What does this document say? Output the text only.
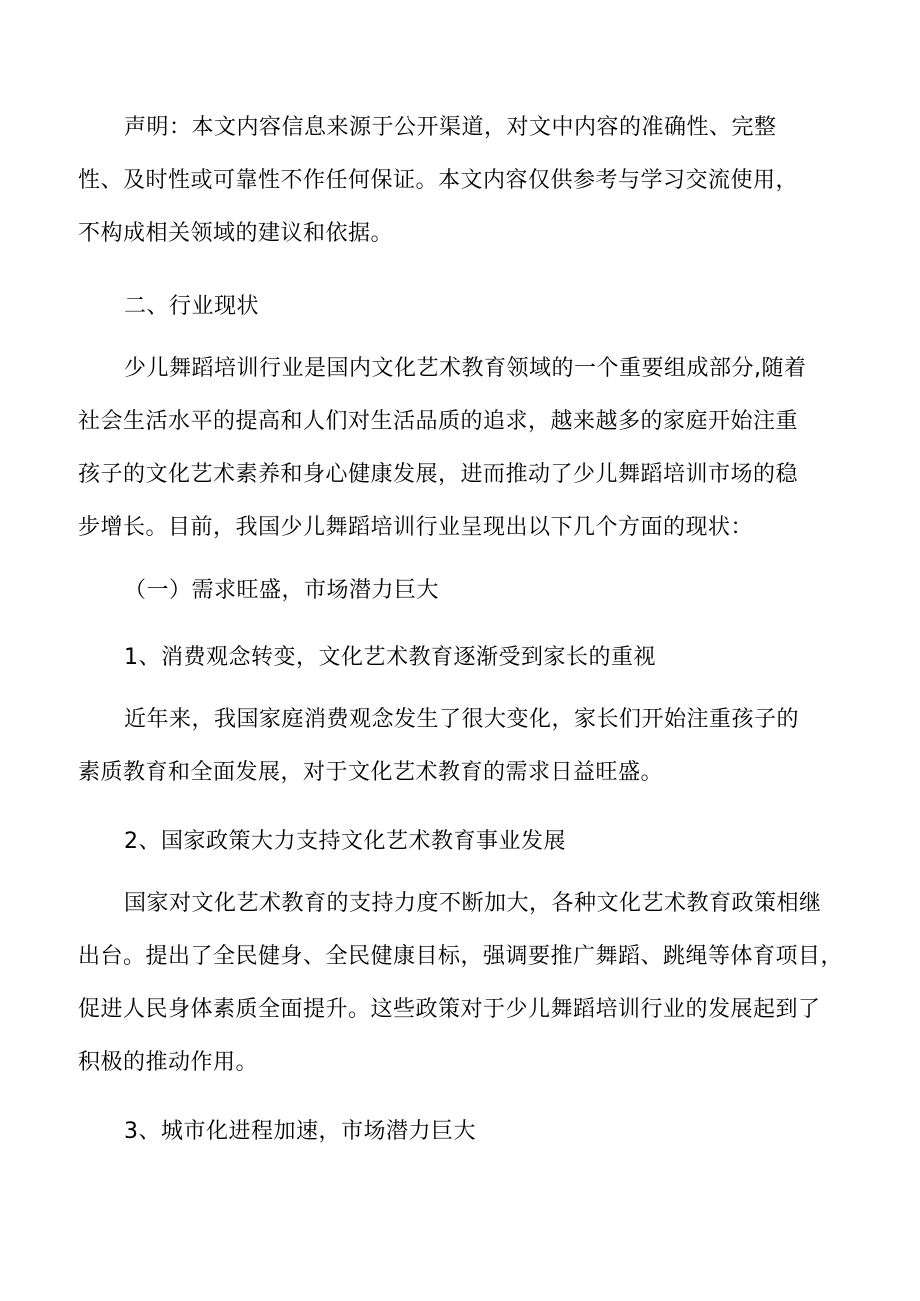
声明：本文内容信息来源于公开渠道，对文中内容的准确性、完整
性、及时性或可靠性不作任何保证。本文内容仅供参考与学习交流使用，
不构成相关领域的建议和依据。
二、行业现状
少儿舞蹈培训行业是国内文化艺术教育领域的一个重要组成部分,随着
社会生活水平的提高和人们对生活品质的追求，越来越多的家庭开始注重
孩子的文化艺术素养和身心健康发展，进而推动了少儿舞蹈培训市场的稳
步增长。目前，我国少儿舞蹈培训行业呈现出以下几个方面的现状：
（一）需求旺盛，市场潜力巨大
1、消费观念转变，文化艺术教育逐渐受到家长的重视
近年来，我国家庭消费观念发生了很大变化，家长们开始注重孩子的
素质教育和全面发展，对于文化艺术教育的需求日益旺盛。
2、国家政策大力支持文化艺术教育事业发展
国家对文化艺术教育的支持力度不断加大，各种文化艺术教育政策相继
出台。提出了全民健身、全民健康目标，强调要推广舞蹈、跳绳等体育项目，
促进人民身体素质全面提升。这些政策对于少儿舞蹈培训行业的发展起到了
积极的推动作用。
3、城市化进程加速，市场潜力巨大
